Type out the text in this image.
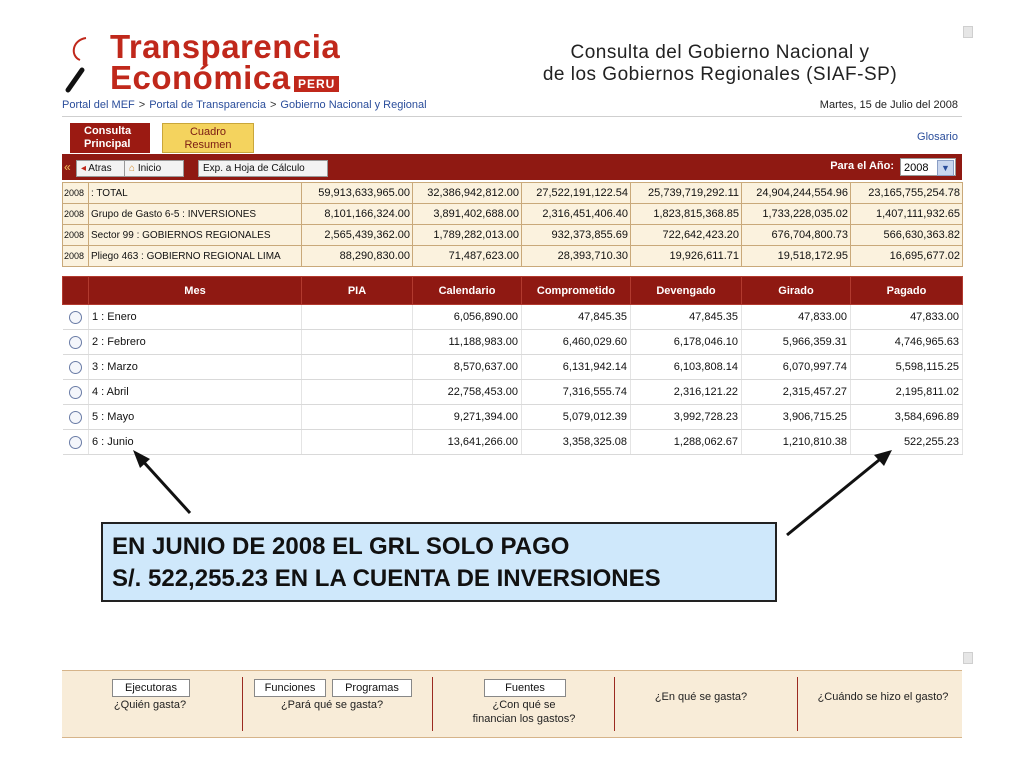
Transparencia
Económica PERU
Consulta del Gobierno Nacional y
de los Gobiernos Regionales (SIAF-SP)
Portal del MEF > Portal de Transparencia > Gobierno Nacional y Regional	Martes, 15 de Julio del 2008
Consulta
Principal
Cuadro
Resumen
Glosario
«	◂ Atras	⌂ Inicio	Exp. a Hoja de Cálculo	Para el Año: 2008	▼
2008	: TOTAL	59,913,633,965.00	32,386,942,812.00	27,522,191,122.54	25,739,719,292.11	24,904,244,554.96	23,165,755,254.78
2008	Grupo de Gasto 6-5 : INVERSIONES	8,101,166,324.00	3,891,402,688.00	2,316,451,406.40	1,823,815,368.85	1,733,228,035.02	1,407,111,932.65
2008	Sector 99 : GOBIERNOS REGIONALES	2,565,439,362.00	1,789,282,013.00	932,373,855.69	722,642,423.20	676,704,800.73	566,630,363.82
2008	Pliego 463 : GOBIERNO REGIONAL LIMA	88,290,830.00	71,487,623.00	28,393,710.30	19,926,611.71	19,518,172.95	16,695,677.02
	Mes	PIA	Calendario	Comprometido	Devengado	Girado	Pagado
	1 : Enero		6,056,890.00	47,845.35	47,845.35	47,833.00	47,833.00
	2 : Febrero		11,188,983.00	6,460,029.60	6,178,046.10	5,966,359.31	4,746,965.63
	3 : Marzo		8,570,637.00	6,131,942.14	6,103,808.14	6,070,997.74	5,598,115.25
	4 : Abril		22,758,453.00	7,316,555.74	2,316,121.22	2,315,457.27	2,195,811.02
	5 : Mayo		9,271,394.00	5,079,012.39	3,992,728.23	3,906,715.25	3,584,696.89
	6 : Junio		13,641,266.00	3,358,325.08	1,288,062.67	1,210,810.38	522,255.23
EN JUNIO DE 2008 EL GRL SOLO PAGO
S/. 522,255.23 EN LA CUENTA DE INVERSIONES
Ejecutoras
¿Quién gasta?
Funciones	Programas
¿Pará qué se gasta?
Fuentes
¿Con qué se
financian los gastos?
¿En qué se gasta?	¿Cuándo se hizo el gasto?
